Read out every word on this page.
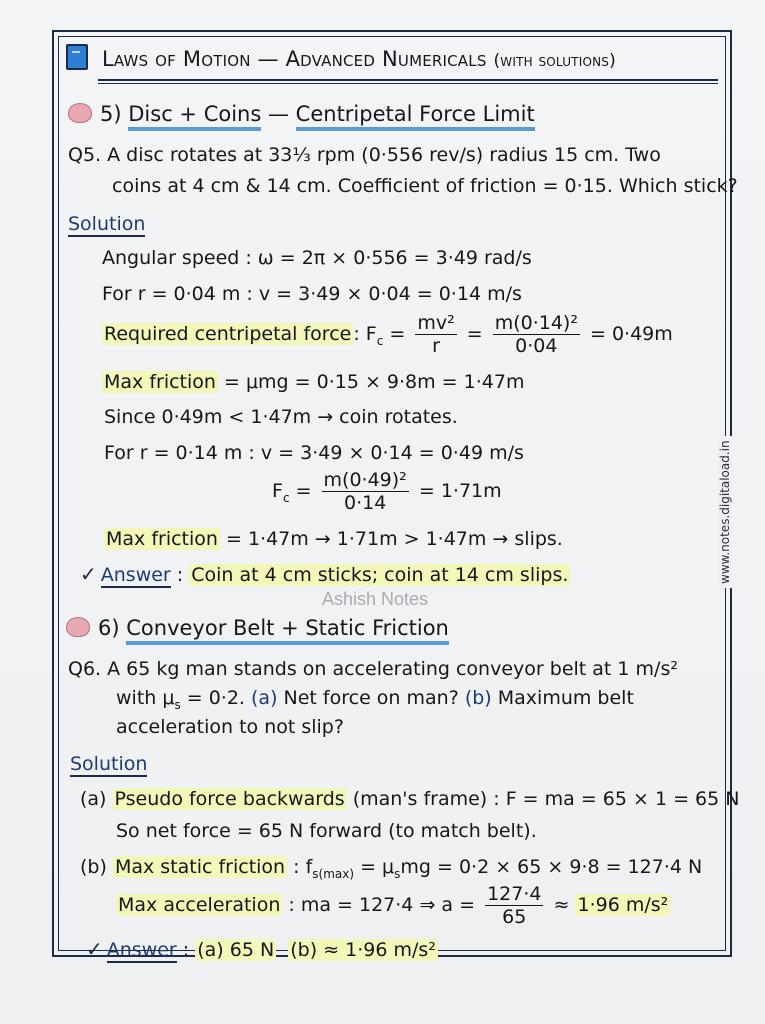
www.notes.digitaload.in
Laws of Motion — Advanced Numericals (with solutions)
5) Disc + Coins — Centripetal Force Limit
Q5. A disc rotates at 33⅓ rpm (0·556 rev/s) radius 15 cm. Two
coins at 4 cm & 14 cm. Coefficient of friction = 0·15. Which stick?
Solution
Angular speed : ω = 2π × 0·556 = 3·49 rad/s
For r = 0·04 m : v = 3·49 × 0·04 = 0·14 m/s
Required centripetal force : $F_c = \frac{\text{mv²}}{r} = \frac{\text{m(0·14)²}}{0\cdot 04} = 0\cdot 49m$
Max friction = μmg = 0·15 × 9·8m = 1·47m
Since 0·49m < 1·47m → coin rotates.
For r = 0·14 m : v = 3·49 × 0·14 = 0·49 m/s
$F_c = \frac{\text{m(0·49)²}}{0\cdot 14} = 1\cdot 71m$
Max friction = 1·47m → 1·71m > 1·47m → slips.
✓ Answer : Coin at 4 cm sticks; coin at 14 cm slips.
Ashish Notes
6) Conveyor Belt + Static Friction
Q6. A 65 kg man stands on accelerating conveyor belt at 1 m/s²
with $\mu_s = 0\cdot 2$. (a) Net force on man? (b) Maximum belt
acceleration to not slip?
Solution
(a) Pseudo force backwards (man's frame) : F = ma = 65 × 1 = 65 N
So net force = 65 N forward (to match belt).
(b) Max static friction : $f_{s(max)} = \mu_smg = 0\cdot 2 \times 65 \times 9\cdot 8 = 127\cdot 4$ N
Max acceleration : ma = 127·4 ⇒ $a = \frac{127\cdot 4}{65} \approx 1\cdot 96$ m/s²
✓ Answer : (a) 65 N (b) ≈ 1·96 m/s²
